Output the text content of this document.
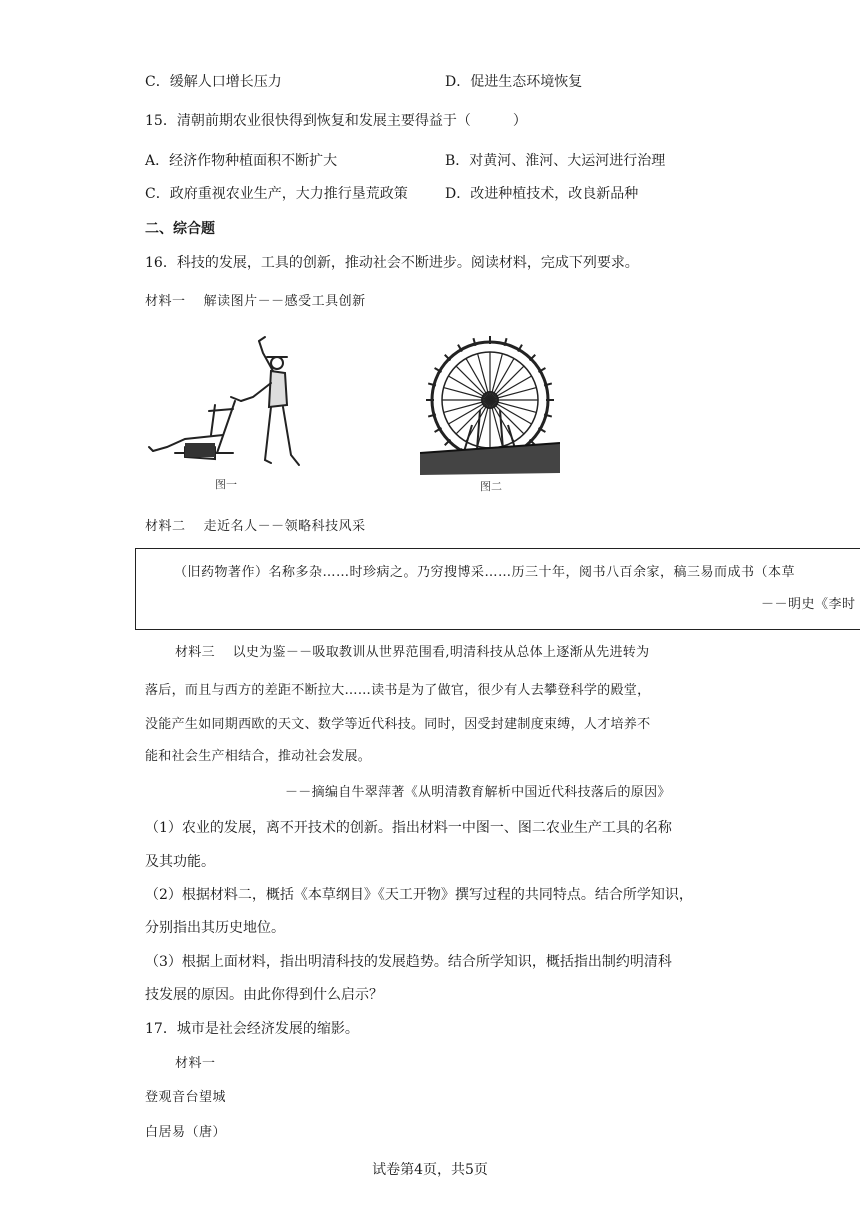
C．缓解人口增长压力	D．促进生态环境恢复
15．清朝前期农业很快得到恢复和发展主要得益于（　　　）
A．经济作物种植面积不断扩大	B．对黄河、淮河、大运河进行治理
C．政府重视农业生产，大力推行垦荒政策	D．改进种植技术，改良新品种
二、综合题
16．科技的发展，工具的创新，推动社会不断进步。阅读材料，完成下列要求。
材料一　 解读图片－－感受工具创新
图一	图二
材料二　 走近名人－－领略科技风采
（旧药物著作）名称多杂……时珍病之。乃穷搜博采……历三十年，阅书八百余家，稿三易而成书（本草
－－明史《李时
材料三　 以史为鉴－－吸取教训从世界范围看,明清科技从总体上逐渐从先进转为
落后，而且与西方的差距不断拉大……读书是为了做官，很少有人去攀登科学的殿堂，
没能产生如同期西欧的天文、数学等近代科技。同时，因受封建制度束缚，人才培养不
能和社会生产相结合，推动社会发展。
－－摘编自牛翠萍著《从明清教育解析中国近代科技落后的原因》
（1）农业的发展，离不开技术的创新。指出材料一中图一、图二农业生产工具的名称
及其功能。
（2）根据材料二，概括《本草纲目》《天工开物》撰写过程的共同特点。结合所学知识，
分别指出其历史地位。
（3）根据上面材料，指出明清科技的发展趋势。结合所学知识，概括指出制约明清科
技发展的原因。由此你得到什么启示？
17．城市是社会经济发展的缩影。
材料一
登观音台望城
白居易（唐）
试卷第4页，共5页
